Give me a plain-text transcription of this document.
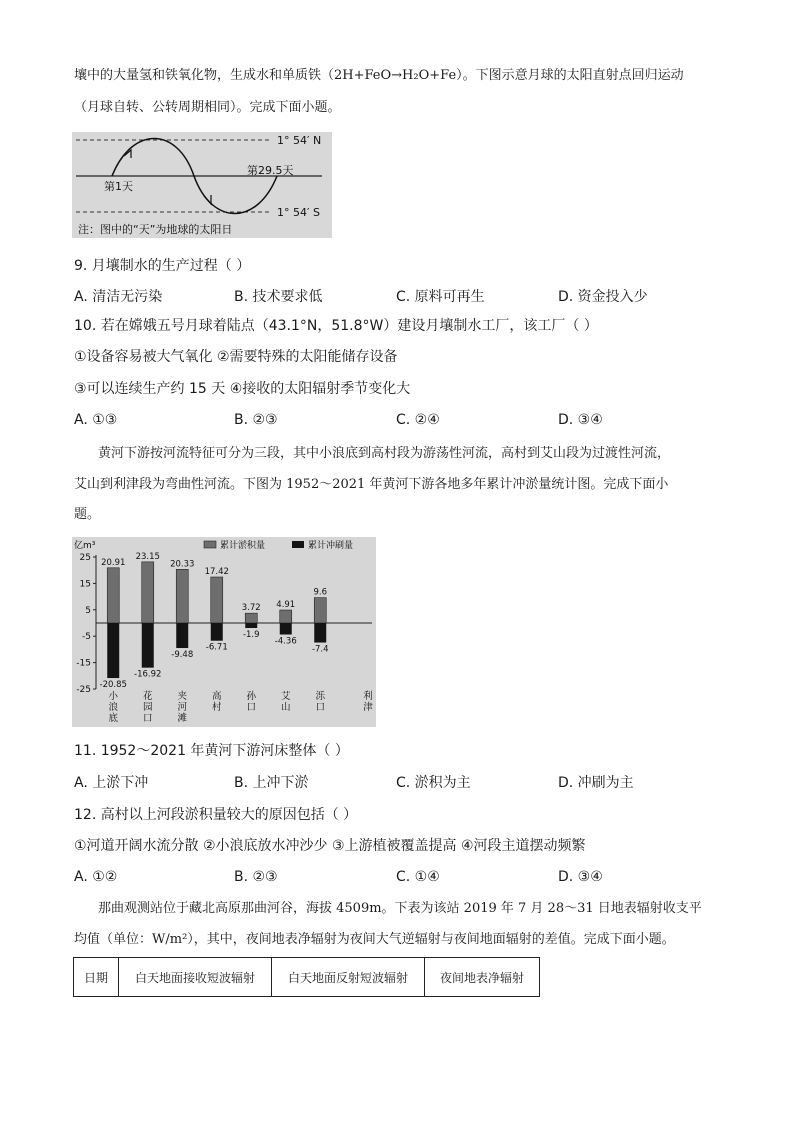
壤中的大量氢和铁氧化物，生成水和单质铁（2H+FeO→H₂O+Fe）。下图示意月球的太阳直射点回归运动
（月球自转、公转周期相同）。完成下面小题。
第1天
第29.5天
1° 54′ N
1° 54′ S
注：图中的“天”为地球的太阳日
9. 月壤制水的生产过程（ ）
A. 清洁无污染	B. 技术要求低	C. 原料可再生	D. 资金投入少
10. 若在嫦娥五号月球着陆点（43.1°N，51.8°W）建设月壤制水工厂，该工厂（ ）
①设备容易被大气氧化 ②需要特殊的太阳能储存设备
③可以连续生产约 15 天 ④接收的太阳辐射季节变化大
A. ①③	B. ②③	C. ②④	D. ③④
黄河下游按河流特征可分为三段，其中小浪底到高村段为游荡性河流，高村到艾山段为过渡性河流，
艾山到利津段为弯曲性河流。下图为 1952～2021 年黄河下游各地多年累计冲淤量统计图。完成下面小
题。
亿m³	累计淤积量	累计冲刷量
25
15
5
-5
-15
-25
20.91
-20.85
23.15
-16.92
20.33
-9.48
17.42
-6.71
3.72
-1.9
4.91
-4.36
9.6
-7.4
小
浪
底
花
园
口
夹
河
滩
高
村
孙
口
艾
山
泺
口
利
津
11. 1952～2021 年黄河下游河床整体（ ）
A. 上淤下冲	B. 上冲下淤	C. 淤积为主	D. 冲刷为主
12. 高村以上河段淤积量较大的原因包括（ ）
①河道开阔水流分散 ②小浪底放水冲沙少 ③上游植被覆盖提高 ④河段主道摆动频繁
A. ①②	B. ②③	C. ①④	D. ③④
那曲观测站位于藏北高原那曲河谷，海拔 4509m。下表为该站 2019 年 7 月 28～31 日地表辐射收支平
均值（单位：W/m²），其中，夜间地表净辐射为夜间大气逆辐射与夜间地面辐射的差值。完成下面小题。
日期	白天地面接收短波辐射	白天地面反射短波辐射	夜间地表净辐射
